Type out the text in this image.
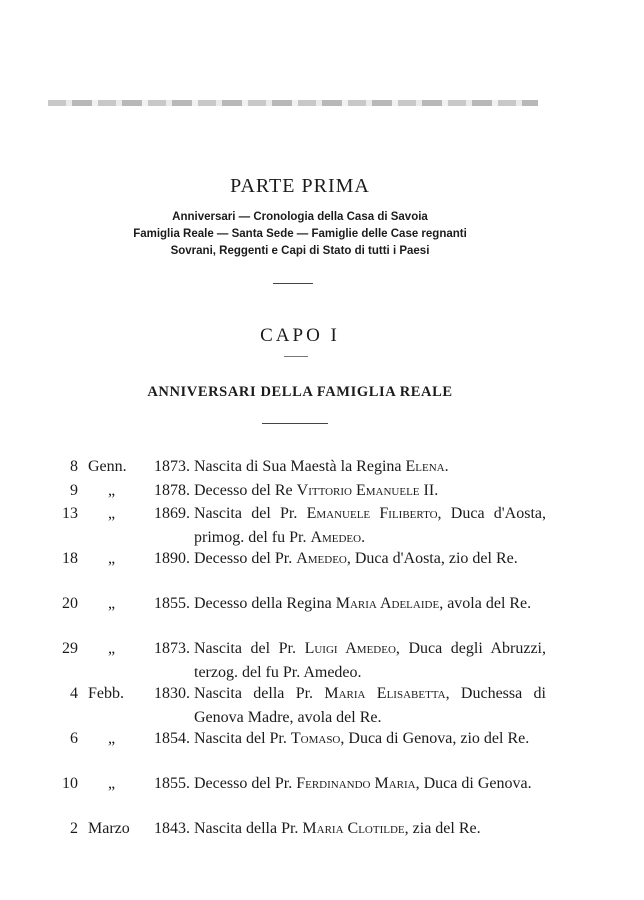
PARTE PRIMA
Anniversari — Cronologia della Casa di Savoia
Famiglia Reale — Santa Sede — Famiglie delle Case regnanti
Sovrani, Reggenti e Capi di Stato di tutti i Paesi
CAPO I
ANNIVERSARI DELLA FAMIGLIA REALE
8 Genn. 1873. Nascita di Sua Maestà la Regina Elena.
9 „ 1878. Decesso del Re Vittorio Emanuele II.
13 „ 1869. Nascita del Pr. Emanuele Filiberto, Duca d'Aosta, primog. del fu Pr. Amedeo.
18 „ 1890. Decesso del Pr. Amedeo, Duca d'Aosta, zio del Re.
20 „ 1855. Decesso della Regina Maria Adelaide, avola del Re.
29 „ 1873. Nascita del Pr. Luigi Amedeo, Duca degli Abruzzi, terzog. del fu Pr. Amedeo.
4 Febb. 1830. Nascita della Pr. Maria Elisabetta, Duchessa di Genova Madre, avola del Re.
6 „ 1854. Nascita del Pr. Tomaso, Duca di Genova, zio del Re.
10 „ 1855. Decesso del Pr. Ferdinando Maria, Duca di Genova.
2 Marzo 1843. Nascita della Pr. Maria Clotilde, zia del Re.
